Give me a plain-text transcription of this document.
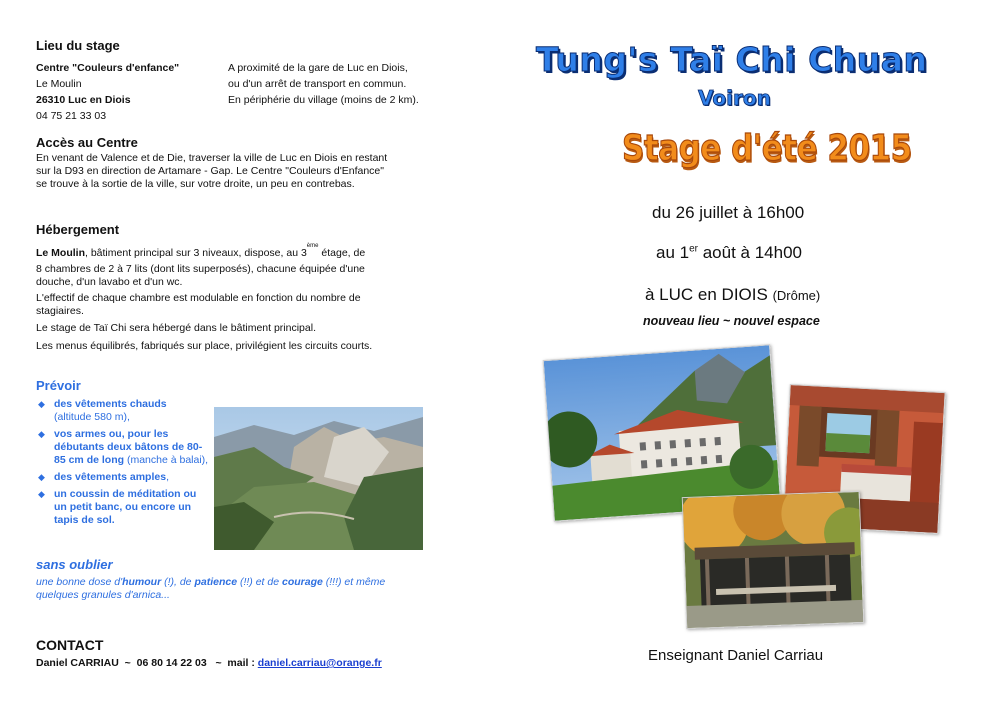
Lieu du stage
Centre "Couleurs d'enfance"
Le Moulin
26310 Luc en Diois
04 75 21 33 03
A proximité de la gare de Luc en Diois,
ou d'un arrêt de transport en commun.
En périphérie du village (moins de 2 km).
Accès au Centre
En venant de Valence et de Die, traverser la ville de Luc en Diois en restant
sur la D93 en direction de Artamare - Gap. Le Centre "Couleurs d'Enfance"
se trouve à la sortie de la ville, sur votre droite, un peu en contrebas.
Hébergement
Le Moulin, bâtiment principal sur 3 niveaux, dispose, au 3ème étage, de
8 chambres de 2 à 7 lits (dont lits superposés), chacune équipée d'une
douche, d'un lavabo et d'un wc.
L'effectif de chaque chambre est modulable en fonction du nombre de
stagiaires.
Le stage de Taï Chi sera hébergé dans le bâtiment principal.
Les menus équilibrés, fabriqués sur place, privilégient les circuits courts.
Prévoir
◆ des vêtements chauds
(altitude 580 m),
◆ vos armes ou, pour les débutants deux bâtons de 80-85 cm de long (manche à balai),
◆ des vêtements amples,
◆ un coussin de méditation ou un petit banc, ou encore un tapis de sol.
sans oublier
une bonne dose d'humour (!), de patience (!!) et de courage (!!!) et même
quelques granules d'arnica...
CONTACT
Daniel CARRIAU  ~  06 80 14 22 03   ~  mail : daniel.carriau@orange.fr
Tung's Taï Chi Chuan
Voiron
Stage d'été 2015
du 26 juillet à 16h00
au 1er août à 14h00
à LUC en DIOIS (Drôme)
nouveau lieu ~ nouvel espace
Enseignant Daniel Carriau
